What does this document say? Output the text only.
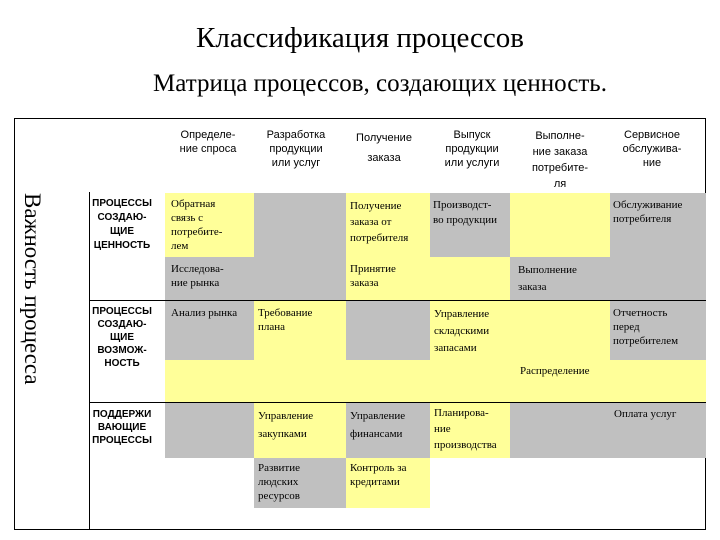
Классификация процессов
Матрица процессов, создающих ценность.
Важность процесса
Определе-
ние спроса
Разработка
продукции
или услуг
Получение
заказа
Выпуск
продукции
или услуги
Выполне-
ние заказа
потребите-
ля
Сервисное
обслужива-
ние
ПРОЦЕССЫ
СОЗДАЮ-
ЩИЕ
ЦЕННОСТЬ
ПРОЦЕССЫ
СОЗДАЮ-
ЩИЕ
ВОЗМОЖ-
НОСТЬ
ПОДДЕРЖИ
ВАЮЩИЕ
ПРОЦЕССЫ
Обратная
связь с
потребите-
лем
Получение
заказа от
потребителя
Производст-
во продукции
Обслуживание
потребителя
Исследова-
ние рынка
Принятие
заказа
Выполнение
заказа
Анализ рынка Требование
плана
Управление
складскими
запасами
Отчетность
перед
потребителем
Распределение
Управление
закупками
Управление
финансами
Планирова-
ние
производства
Оплата услуг
Развитие
людских
ресурсов
Контроль за
кредитами
